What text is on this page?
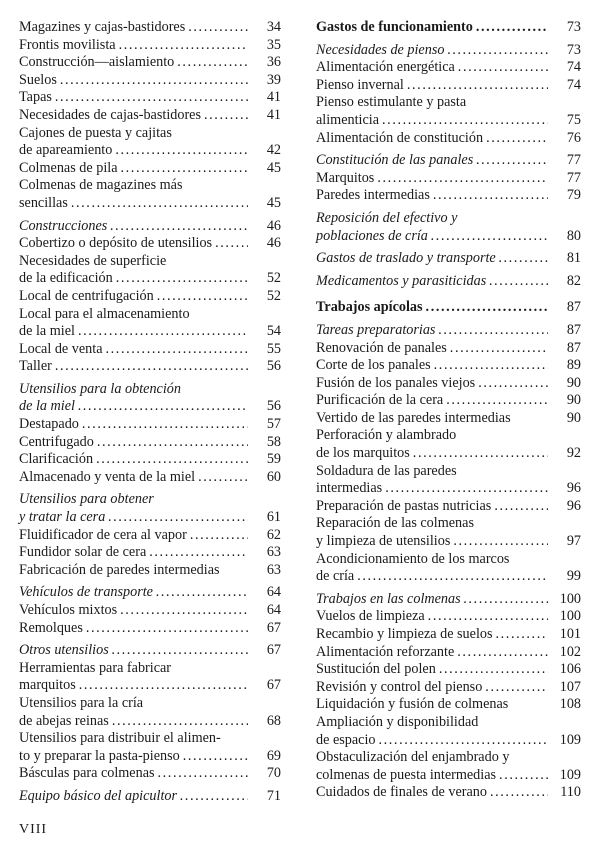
Magazines y cajas-bastidores .....	34
Frontis movilista .....	35
Construcción—aislamiento .....	36
Suelos .....	39
Tapas .....	41
Necesidades de cajas-bastidores .....	41
Cajones de puesta y cajitas
de apareamiento .....	42
Colmenas de pila .....	45
Colmenas de magazines más
sencillas .....	45
Construcciones .....	46
Cobertizo o depósito de utensilios .....	46
Necesidades de superficie
de la edificación .....	52
Local de centrifugación .....	52
Local para el almacenamiento
de la miel .....	54
Local de venta .....	55
Taller .....	56
Utensilios para la obtención
de la miel .....	56
Destapado .....	57
Centrifugado .....	58
Clarificación .....	59
Almacenado y venta de la miel .....	60
Utensilios para obtener
y tratar la cera .....	61
Fluidificador de cera al vapor .....	62
Fundidor solar de cera .....	63
Fabricación de paredes intermedias	63
Vehículos de transporte .....	64
Vehículos mixtos .....	64
Remolques .....	67
Otros utensilios .....	67
Herramientas para fabricar
marquitos .....	67
Utensilios para la cría
de abejas reinas .....	68
Utensilios para distribuir el alimen-
to y preparar la pasta-pienso .....	69
Básculas para colmenas .....	70
Equipo básico del apicultor .....	71
Gastos de funcionamiento .....	73
Necesidades de pienso .....	73
Alimentación energética .....	74
Pienso invernal .....	74
Pienso estimulante y pasta
alimenticia .....	75
Alimentación de constitución .....	76
Constitución de las panales .....	77
Marquitos .....	77
Paredes intermedias .....	79
Reposición del efectivo y
poblaciones de cría .....	80
Gastos de traslado y transporte .....	81
Medicamentos y parasiticidas .....	82
Trabajos apícolas .....	87
Tareas preparatorias .....	87
Renovación de panales .....	87
Corte de los panales .....	89
Fusión de los panales viejos .....	90
Purificación de la cera .....	90
Vertido de las paredes intermedias	90
Perforación y alambrado
de los marquitos .....	92
Soldadura de las paredes
intermedias .....	96
Preparación de pastas nutricias .....	96
Reparación de las colmenas
y limpieza de utensilios .....	97
Acondicionamiento de los marcos
de cría .....	99
Trabajos en las colmenas .....	100
Vuelos de limpieza .....	100
Recambio y limpieza de suelos .....	101
Alimentación reforzante .....	102
Sustitución del polen .....	106
Revisión y control del pienso .....	107
Liquidación y fusión de colmenas	108
Ampliación y disponibilidad
de espacio .....	109
Obstaculización del enjambrado y
colmenas de puesta intermedias .....	109
Cuidados de finales de verano .....	110
VIII
